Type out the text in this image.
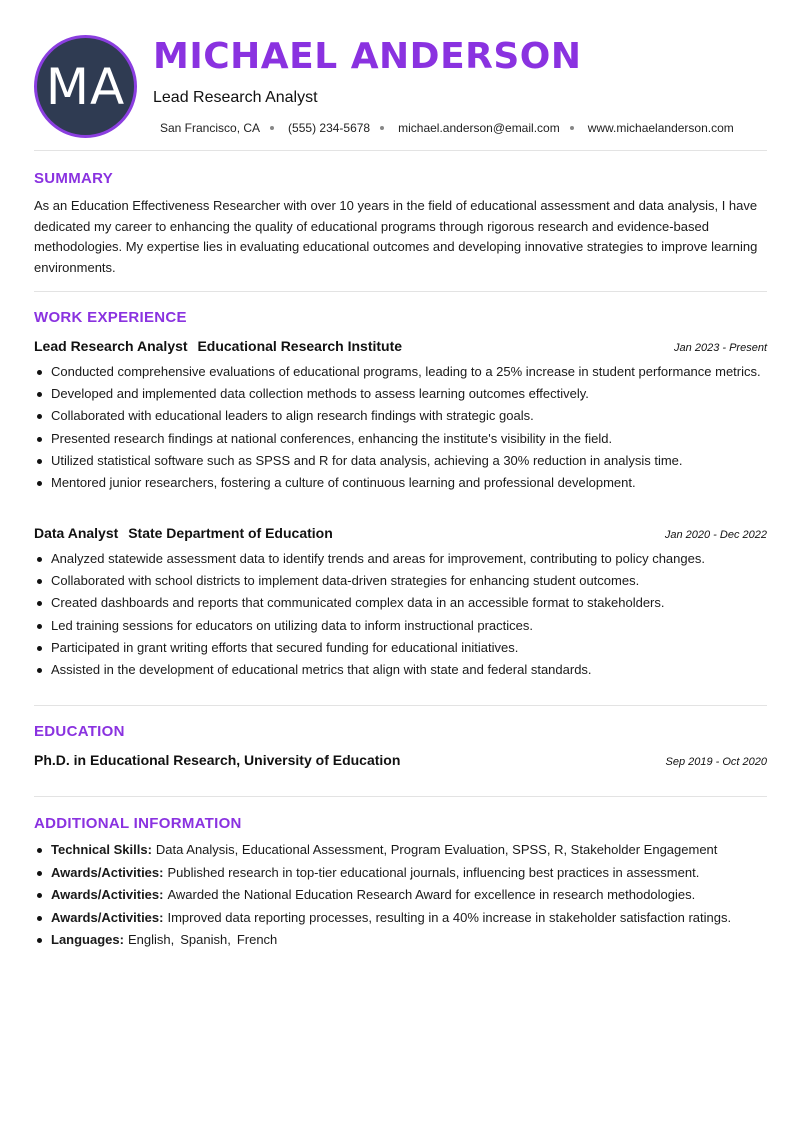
MA
MICHAEL ANDERSON
Lead Research Analyst
San Francisco, CA (555) 234-5678 michael.anderson@email.com www.michaelanderson.com
SUMMARY
As an Education Effectiveness Researcher with over 10 years in the field of educational assessment and data analysis, I have dedicated my career to enhancing the quality of educational programs through rigorous research and evidence-based methodologies. My expertise lies in evaluating educational outcomes and developing innovative strategies to improve learning environments.
WORK EXPERIENCE
Lead Research Analyst Educational Research Institute	Jan 2023 - Present
Conducted comprehensive evaluations of educational programs, leading to a 25% increase in student performance metrics.
Developed and implemented data collection methods to assess learning outcomes effectively.
Collaborated with educational leaders to align research findings with strategic goals.
Presented research findings at national conferences, enhancing the institute's visibility in the field.
Utilized statistical software such as SPSS and R for data analysis, achieving a 30% reduction in analysis time.
Mentored junior researchers, fostering a culture of continuous learning and professional development.
Data Analyst State Department of Education	Jan 2020 - Dec 2022
Analyzed statewide assessment data to identify trends and areas for improvement, contributing to policy changes.
Collaborated with school districts to implement data-driven strategies for enhancing student outcomes.
Created dashboards and reports that communicated complex data in an accessible format to stakeholders.
Led training sessions for educators on utilizing data to inform instructional practices.
Participated in grant writing efforts that secured funding for educational initiatives.
Assisted in the development of educational metrics that align with state and federal standards.
EDUCATION
Ph.D. in Educational Research, University of Education	Sep 2019 - Oct 2020
ADDITIONAL INFORMATION
Technical Skills: Data Analysis, Educational Assessment, Program Evaluation, SPSS, R, Stakeholder Engagement
Awards/Activities: Published research in top-tier educational journals, influencing best practices in assessment.
Awards/Activities: Awarded the National Education Research Award for excellence in research methodologies.
Awards/Activities: Improved data reporting processes, resulting in a 40% increase in stakeholder satisfaction ratings.
Languages: English, Spanish, French
